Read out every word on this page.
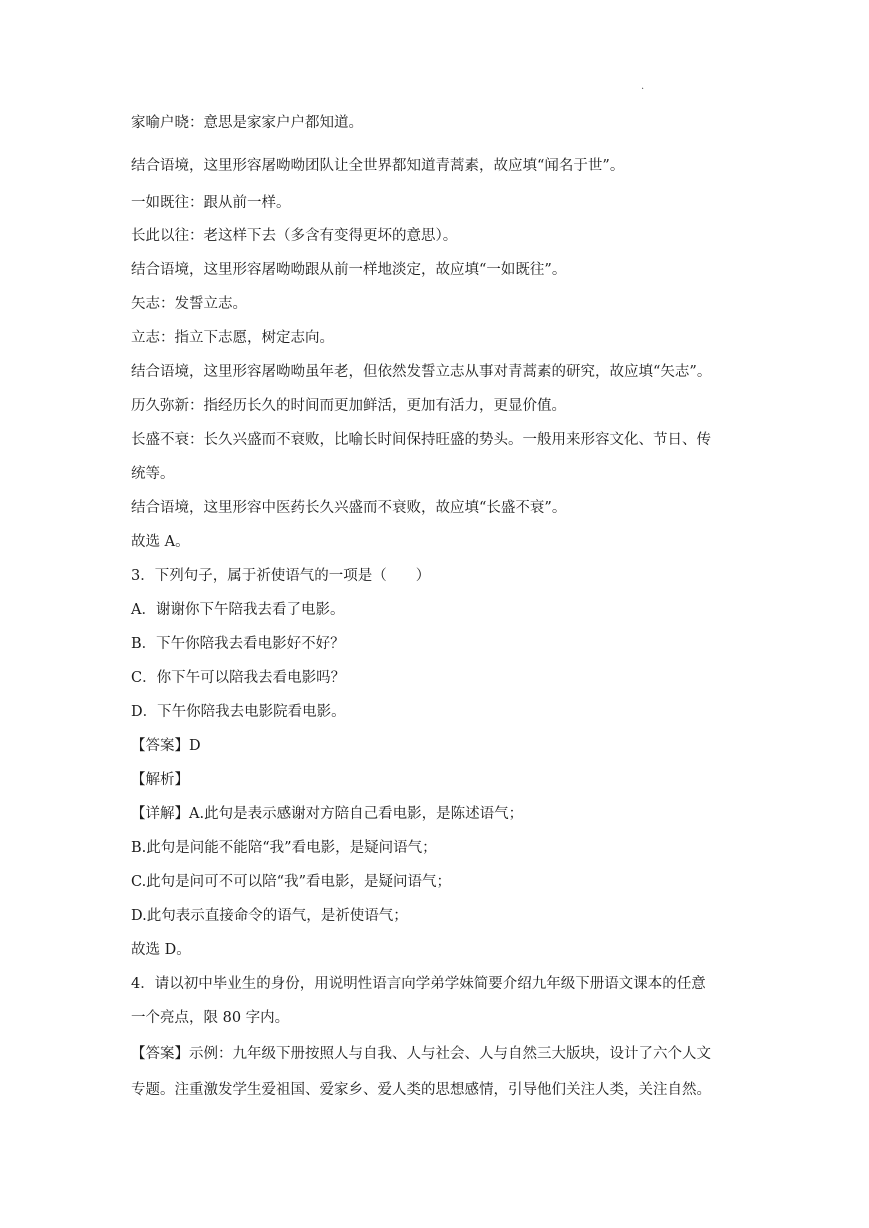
.
家喻户晓：意思是家家户户都知道。
结合语境，这里形容屠呦呦团队让全世界都知道青蒿素，故应填“闻名于世”。
一如既往：跟从前一样。
长此以往：老这样下去（多含有变得更坏的意思）。
结合语境，这里形容屠呦呦跟从前一样地淡定，故应填“一如既往”。
矢志：发誓立志。
立志：指立下志愿，树定志向。
结合语境，这里形容屠呦呦虽年老，但依然发誓立志从事对青蒿素的研究，故应填“矢志”。
历久弥新：指经历长久的时间而更加鲜活，更加有活力，更显价值。
长盛不衰：长久兴盛而不衰败，比喻长时间保持旺盛的势头。一般用来形容文化、节日、传
统等。
结合语境，这里形容中医药长久兴盛而不衰败，故应填“长盛不衰”。
故选 A。
3．下列句子，属于祈使语气的一项是（　　）
A．谢谢你下午陪我去看了电影。
B．下午你陪我去看电影好不好？
C．你下午可以陪我去看电影吗？
D．下午你陪我去电影院看电影。
【答案】D
【解析】
【详解】A.此句是表示感谢对方陪自己看电影，是陈述语气；
B.此句是问能不能陪“我”看电影，是疑问语气；
C.此句是问可不可以陪“我”看电影，是疑问语气；
D.此句表示直接命令的语气，是祈使语气；
故选 D。
4．请以初中毕业生的身份，用说明性语言向学弟学妹简要介绍九年级下册语文课本的任意
一个亮点，限 80 字内。
【答案】示例：九年级下册按照人与自我、人与社会、人与自然三大版块，设计了六个人文
专题。注重激发学生爱祖国、爱家乡、爱人类的思想感情，引导他们关注人类，关注自然。
